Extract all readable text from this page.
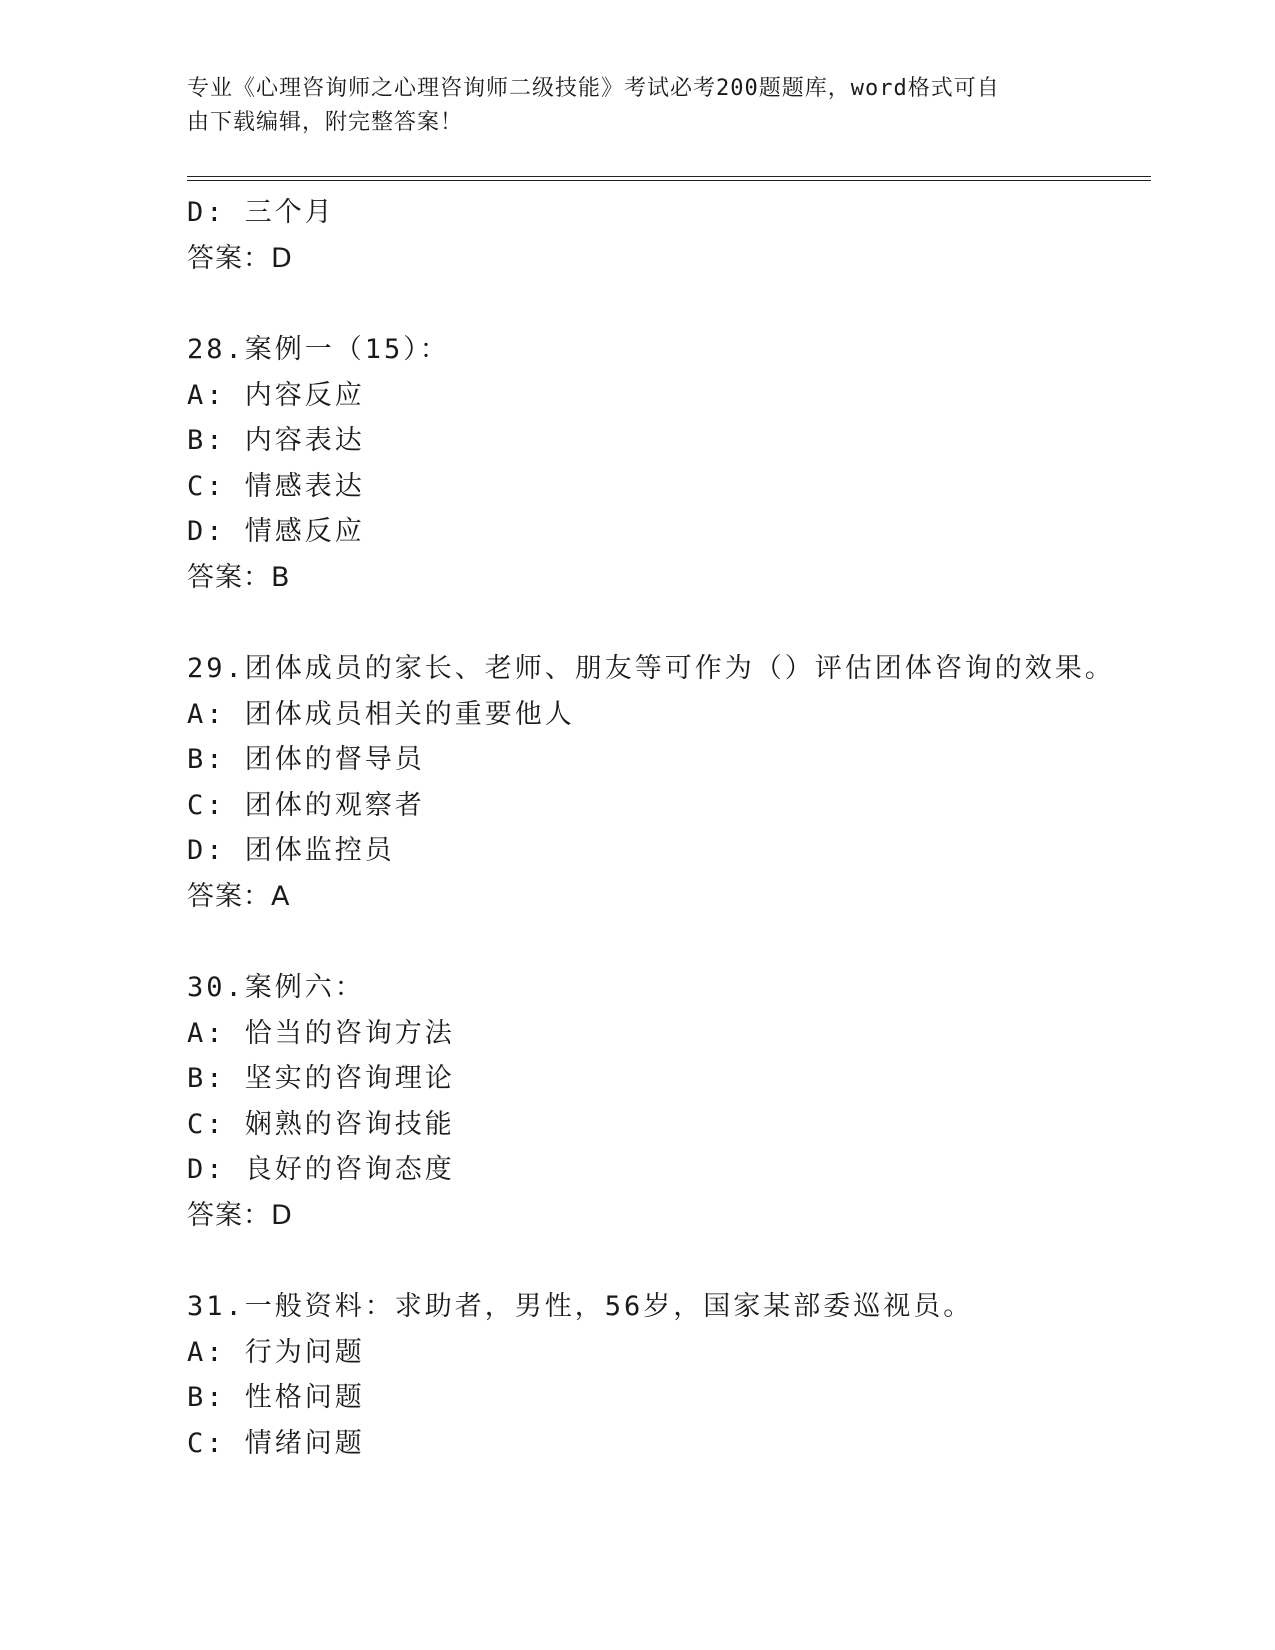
专业《心理咨询师之心理咨询师二级技能》考试必考200题题库，word格式可自
由下载编辑，附完整答案！
D: 三个月
答案：D
28.案例一（15）：
A: 内容反应
B: 内容表达
C: 情感表达
D: 情感反应
答案：B
29.团体成员的家长、老师、朋友等可作为（）评估团体咨询的效果。
A: 团体成员相关的重要他人
B: 团体的督导员
C: 团体的观察者
D: 团体监控员
答案：A
30.案例六：
A: 恰当的咨询方法
B: 坚实的咨询理论
C: 娴熟的咨询技能
D: 良好的咨询态度
答案：D
31.一般资料：求助者，男性，56岁，国家某部委巡视员。
A: 行为问题
B: 性格问题
C: 情绪问题
